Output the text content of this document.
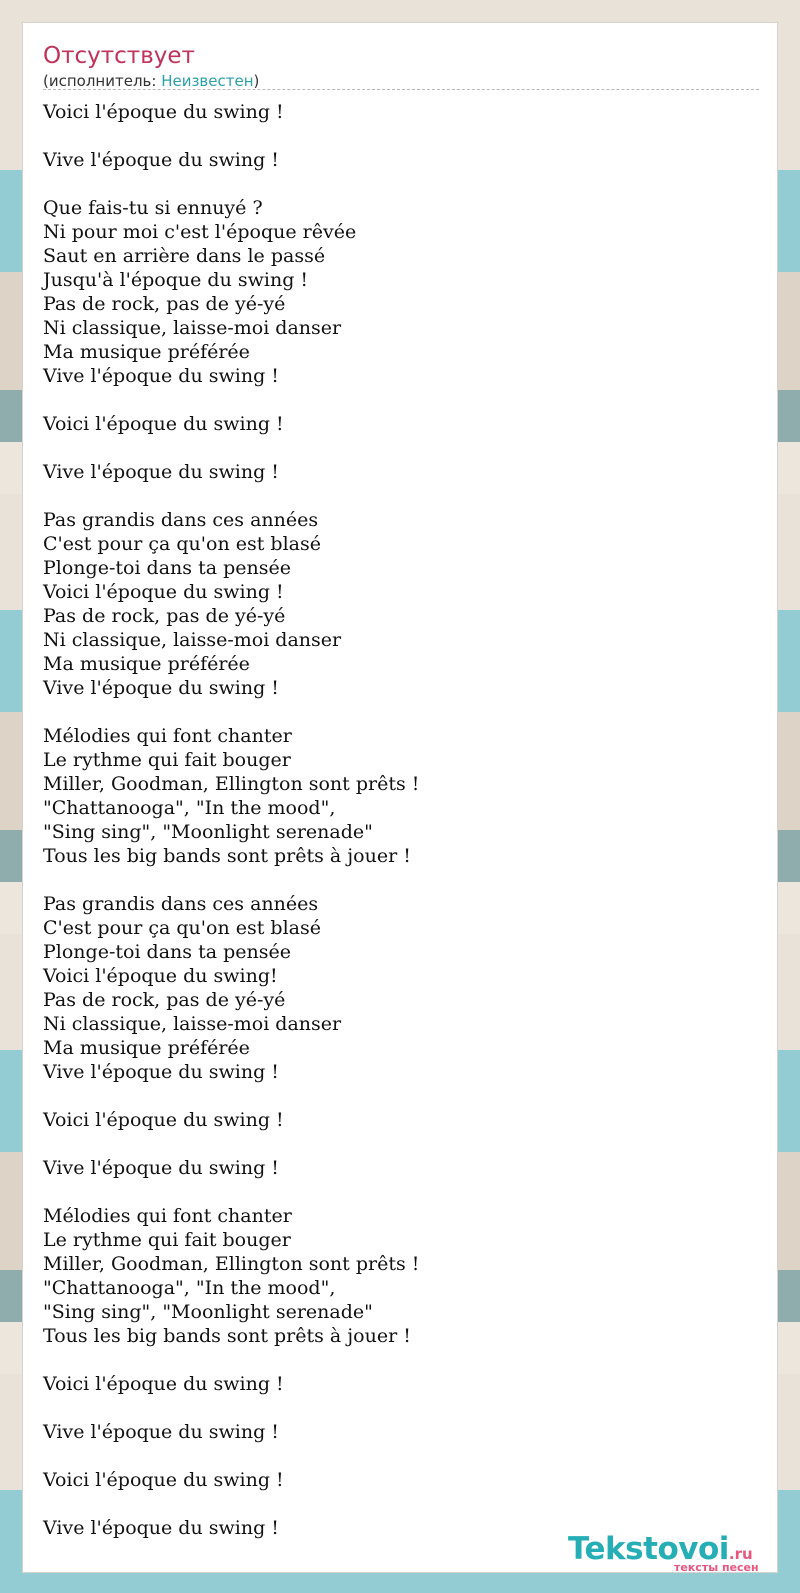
Отсутствует
(исполнитель: Неизвестен)
Voici l'époque du swing !

Vive l'époque du swing !

Que fais-tu si ennuyé ?
Ni pour moi c'est l'époque rêvée
Saut en arrière dans le passé
Jusqu'à l'époque du swing !
Pas de rock, pas de yé-yé
Ni classique, laisse-moi danser
Ma musique préférée
Vive l'époque du swing !

Voici l'époque du swing !

Vive l'époque du swing !

Pas grandis dans ces années
C'est pour ça qu'on est blasé
Plonge-toi dans ta pensée
Voici l'époque du swing !
Pas de rock, pas de yé-yé
Ni classique, laisse-moi danser
Ma musique préférée
Vive l'époque du swing !

Mélodies qui font chanter
Le rythme qui fait bouger
Miller, Goodman, Ellington sont prêts !
"Chattanooga", "In the mood",
"Sing sing", "Moonlight serenade"
Tous les big bands sont prêts à jouer !

Pas grandis dans ces années
C'est pour ça qu'on est blasé
Plonge-toi dans ta pensée
Voici l'époque du swing!
Pas de rock, pas de yé-yé
Ni classique, laisse-moi danser
Ma musique préférée
Vive l'époque du swing !

Voici l'époque du swing !

Vive l'époque du swing !

Mélodies qui font chanter
Le rythme qui fait bouger
Miller, Goodman, Ellington sont prêts !
"Chattanooga", "In the mood",
"Sing sing", "Moonlight serenade"
Tous les big bands sont prêts à jouer !

Voici l'époque du swing !

Vive l'époque du swing !

Voici l'époque du swing !

Vive l'époque du swing !
Tekstovoi.ru
тексты песен
